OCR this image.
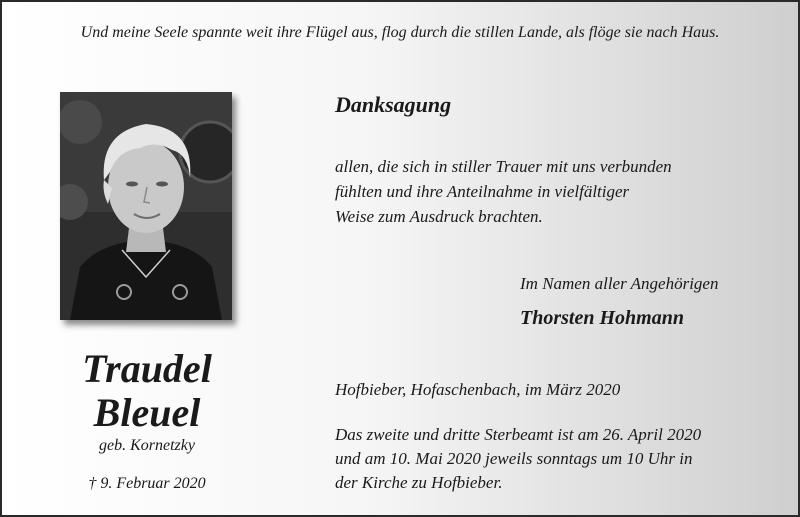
Und meine Seele spannte weit ihre Flügel aus, flog durch die stillen Lande, als flöge sie nach Haus.
Traudel
Bleuel
geb. Kornetzky
† 9. Februar 2020
Danksagung
allen, die sich in stiller Trauer mit uns verbunden
fühlten und ihre Anteilnahme in vielfältiger
Weise zum Ausdruck brachten.
Im Namen aller Angehörigen
Thorsten Hohmann
Hofbieber, Hofaschenbach, im März 2020
Das zweite und dritte Sterbeamt ist am 26. April 2020
und am 10. Mai 2020 jeweils sonntags um 10 Uhr in
der Kirche zu Hofbieber.
